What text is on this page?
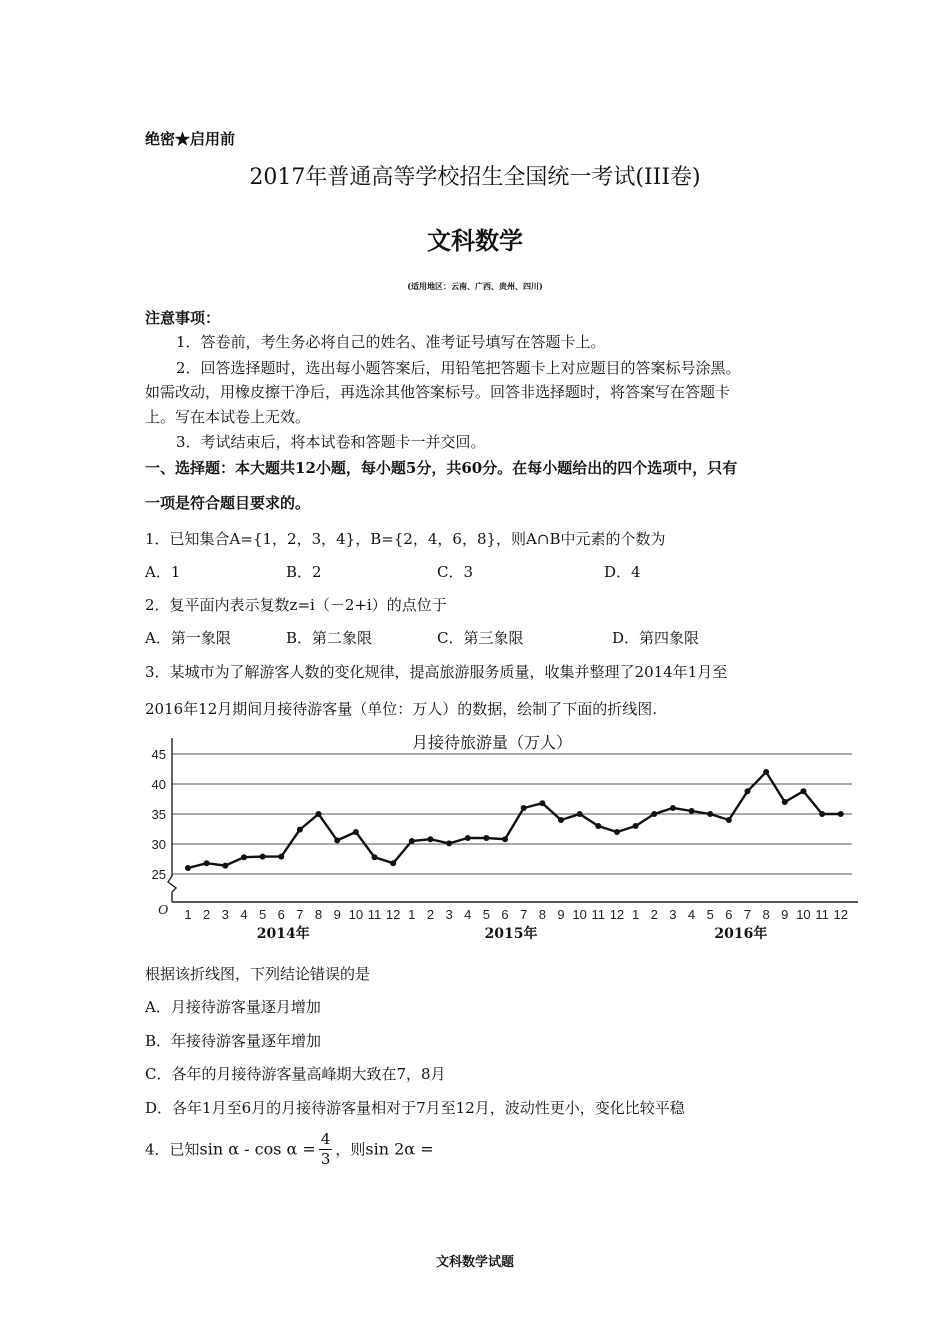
绝密★启用前
2017年普通高等学校招生全国统一考试(III卷)
文科数学
(适用地区：云南、广西、贵州、四川)
注意事项：
1．答卷前，考生务必将自己的姓名、准考证号填写在答题卡上。
2．回答选择题时，选出每小题答案后，用铅笔把答题卡上对应题目的答案标号涂黑。
如需改动，用橡皮擦干净后，再选涂其他答案标号。回答非选择题时，将答案写在答题卡
上。写在本试卷上无效。
3．考试结束后，将本试卷和答题卡一并交回。
一、选择题：本大题共12小题，每小题5分，共60分。在每小题给出的四个选项中，只有
一项是符合题目要求的。
1．已知集合A={1，2，3，4}，B={2，4，6，8}，则A∩B中元素的个数为
A．1	B．2	C．3	D．4
2．复平面内表示复数z=i（－2+i）的点位于
A．第一象限	B．第二象限	C．第三象限	D．第四象限
3．某城市为了解游客人数的变化规律，提高旅游服务质量，收集并整理了2014年1月至
2016年12月期间月接待游客量（单位：万人）的数据，绘制了下面的折线图.
25
30
35
40
45
O
月接待旅游量（万人）
1 2 3 4 5 6 7 8 9 10 11 12 1 2 3 4 5 6 7 8 9 10 11 12 1 2 3 4 5 6 7 8 9 10 11 12
2014年	2015年	2016年
根据该折线图，下列结论错误的是
A．月接待游客量逐月增加
B．年接待游客量逐年增加
C．各年的月接待游客量高峰期大致在7，8月
D．各年1月至6月的月接待游客量相对于7月至12月，波动性更小，变化比较平稳
4．已知$\sin \alpha - \cos \alpha = \frac{4}{3}$ ，则sin 2α =
文科数学试题
